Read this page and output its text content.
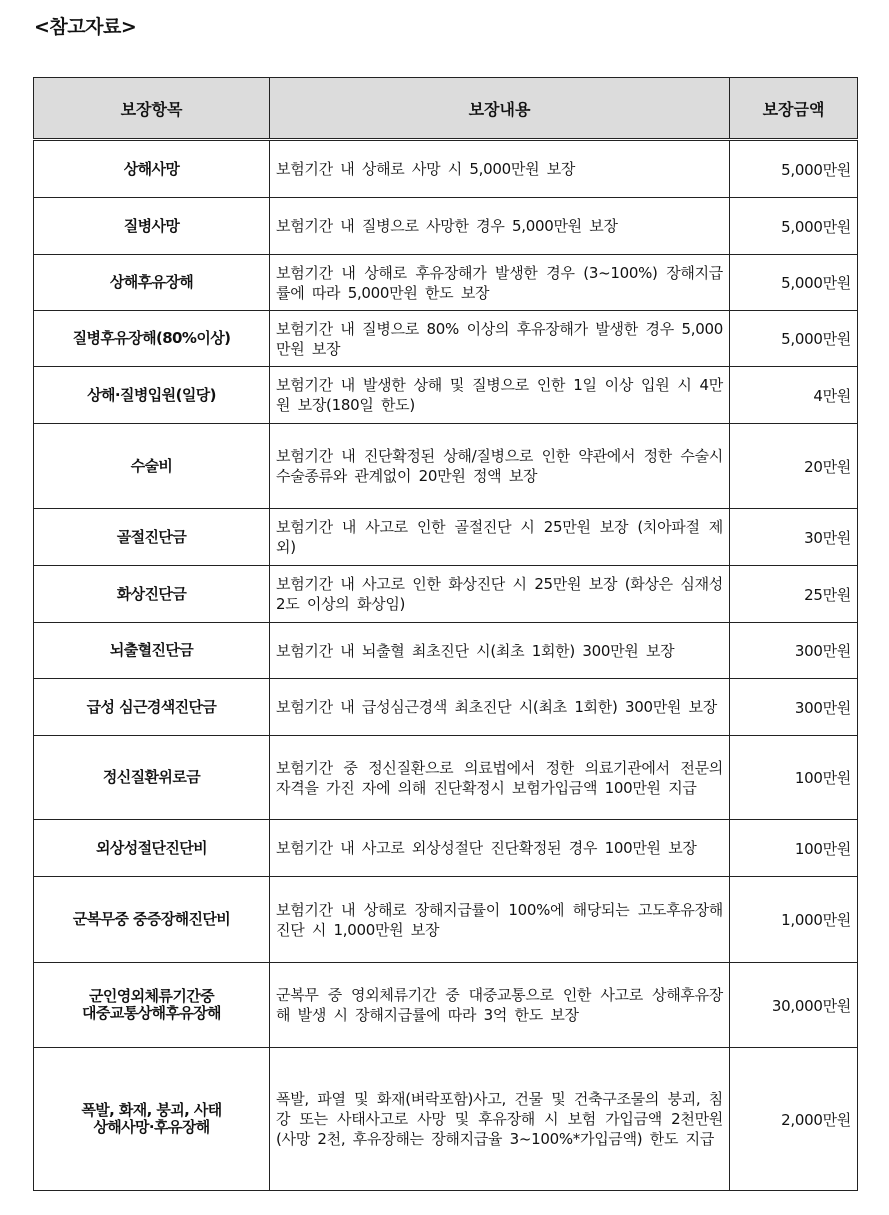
<참고자료>
보장항목	보장내용	보장금액
상해사망	보험기간 내 상해로 사망 시 5,000만원 보장	5,000만원
질병사망	보험기간 내 질병으로 사망한 경우 5,000만원 보장	5,000만원
상해후유장해	보험기간 내 상해로 후유장해가 발생한 경우 (3~100%) 장해지급률에 따라 5,000만원 한도 보장	5,000만원
질병후유장해(80%이상)	보험기간 내 질병으로 80% 이상의 후유장해가 발생한 경우 5,000만원 보장	5,000만원
상해·질병입원(일당)	보험기간 내 발생한 상해 및 질병으로 인한 1일 이상 입원 시 4만원 보장(180일 한도)	4만원
수술비	보험기간 내 진단확정된 상해/질병으로 인한 약관에서 정한 수술시 수술종류와 관계없이 20만원 정액 보장	20만원
골절진단금	보험기간 내 사고로 인한 골절진단 시 25만원 보장 (치아파절 제외)	30만원
화상진단금	보험기간 내 사고로 인한 화상진단 시 25만원 보장 (화상은 심재성 2도 이상의 화상임)	25만원
뇌출혈진단금	보험기간 내 뇌출혈 최초진단 시(최초 1회한) 300만원 보장	300만원
급성 심근경색진단금	보험기간 내 급성심근경색 최초진단 시(최초 1회한) 300만원 보장	300만원
정신질환위로금	보험기간 중 정신질환으로 의료법에서 정한 의료기관에서 전문의 자격을 가진 자에 의해 진단확정시 보험가입금액 100만원 지급	100만원
외상성절단진단비	보험기간 내 사고로 외상성절단 진단확정된 경우 100만원 보장	100만원
군복무중 중증장해진단비	보험기간 내 상해로 장해지급률이 100%에 해당되는 고도후유장해 진단 시 1,000만원 보장	1,000만원
군인영외체류기간중
대중교통상해후유장해	군복무 중 영외체류기간 중 대중교통으로 인한 사고로 상해후유장해 발생 시 장해지급률에 따라 3억 한도 보장	30,000만원
폭발, 화재, 붕괴, 사태
상해사망·후유장해	폭발, 파열 및 화재(벼락포함)사고, 건물 및 건축구조물의 붕괴, 침강 또는 사태사고로 사망 및 후유장해 시 보험 가입금액 2천만원(사망 2천, 후유장해는 장해지급율 3~100%*가입금액) 한도 지급	2,000만원
